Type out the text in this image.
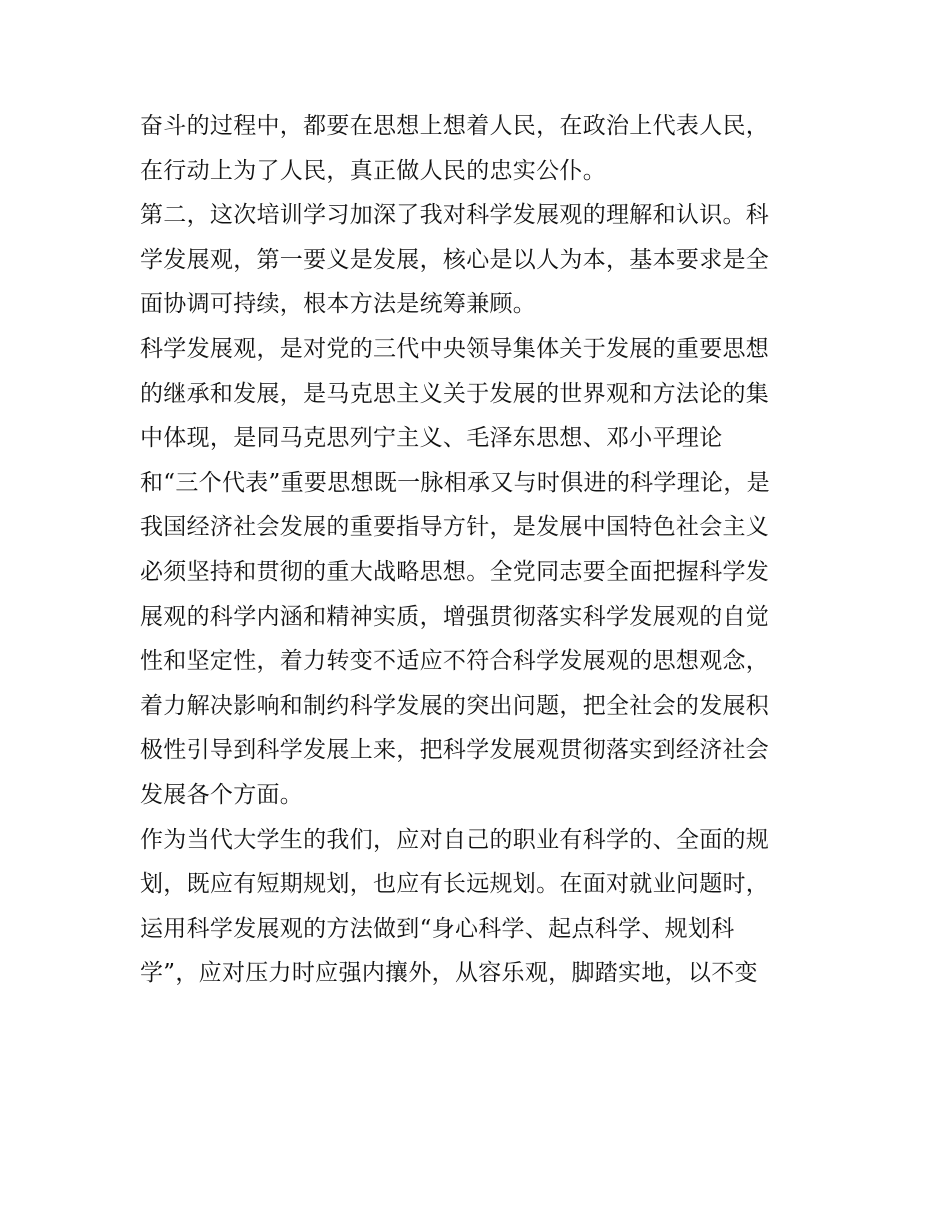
奋斗的过程中，都要在思想上想着人民，在政治上代表人民，
在行动上为了人民，真正做人民的忠实公仆。
第二，这次培训学习加深了我对科学发展观的理解和认识。科
学发展观，第一要义是发展，核心是以人为本，基本要求是全
面协调可持续，根本方法是统筹兼顾。
科学发展观，是对党的三代中央领导集体关于发展的重要思想
的继承和发展，是马克思主义关于发展的世界观和方法论的集
中体现，是同马克思列宁主义、毛泽东思想、邓小平理论
和“三个代表”重要思想既一脉相承又与时俱进的科学理论，是
我国经济社会发展的重要指导方针，是发展中国特色社会主义
必须坚持和贯彻的重大战略思想。全党同志要全面把握科学发
展观的科学内涵和精神实质，增强贯彻落实科学发展观的自觉
性和坚定性，着力转变不适应不符合科学发展观的思想观念，
着力解决影响和制约科学发展的突出问题，把全社会的发展积
极性引导到科学发展上来，把科学发展观贯彻落实到经济社会
发展各个方面。
作为当代大学生的我们，应对自己的职业有科学的、全面的规
划，既应有短期规划，也应有长远规划。在面对就业问题时，
运用科学发展观的方法做到“身心科学、起点科学、规划科
学”，应对压力时应强内攘外，从容乐观，脚踏实地，以不变
